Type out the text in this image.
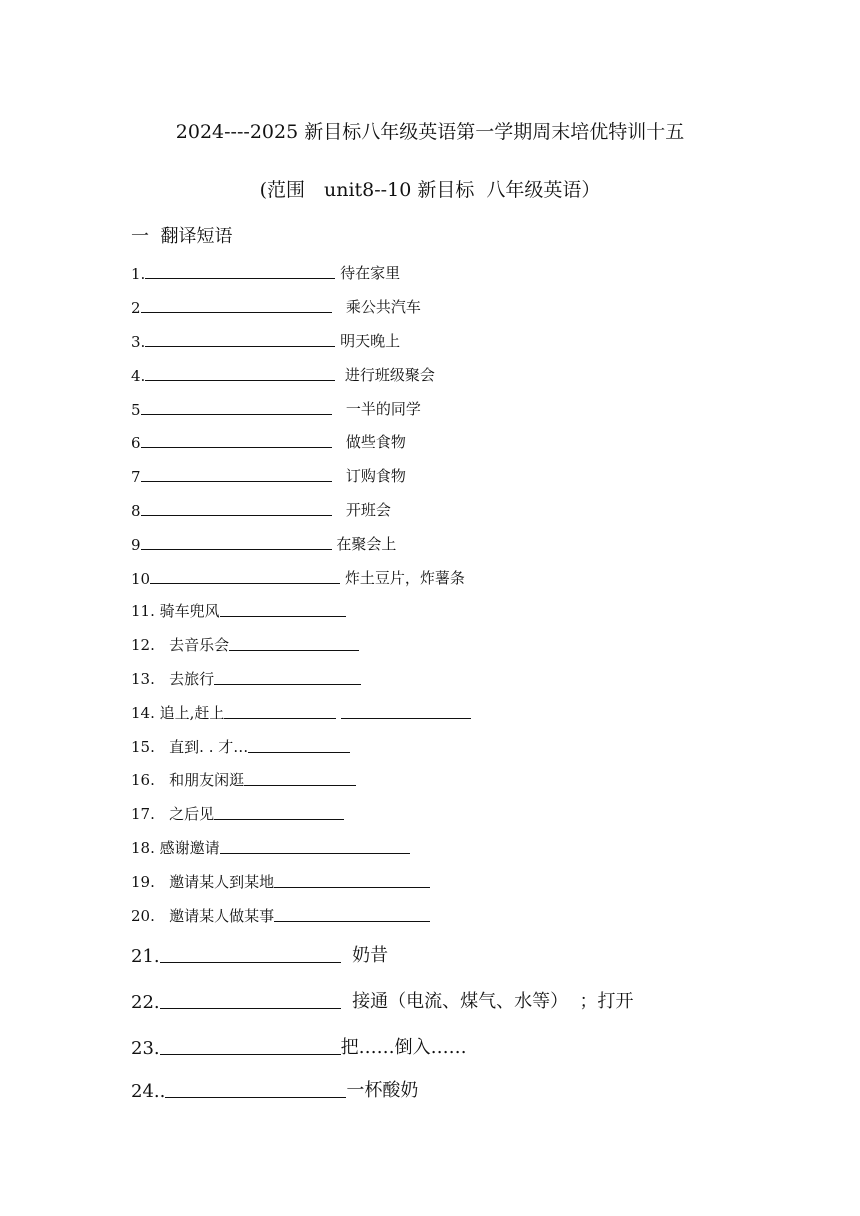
2024----2025 新目标八年级英语第一学期周末培优特训十五
(范围　unit8--10 新目标  八年级英语）
一  翻译短语
1.	待在家里
2	乘公共汽车
3.	明天晚上
4.	进行班级聚会
5	一半的同学
6	做些食物
7	订购食物
8	开班会
9	在聚会上
10	炸土豆片，炸薯条
11. 骑车兜风
12.   去音乐会
13.   去旅行
14. 追上,赶上

15.   直到. . 才…
16.   和朋友闲逛
17.   之后见
18. 感谢邀请
19.   邀请某人到某地
20.   邀请某人做某事
21.	奶昔
22.	接通（电流、煤气、水等）  ；打开
23.	把……倒入……
24..	一杯酸奶
